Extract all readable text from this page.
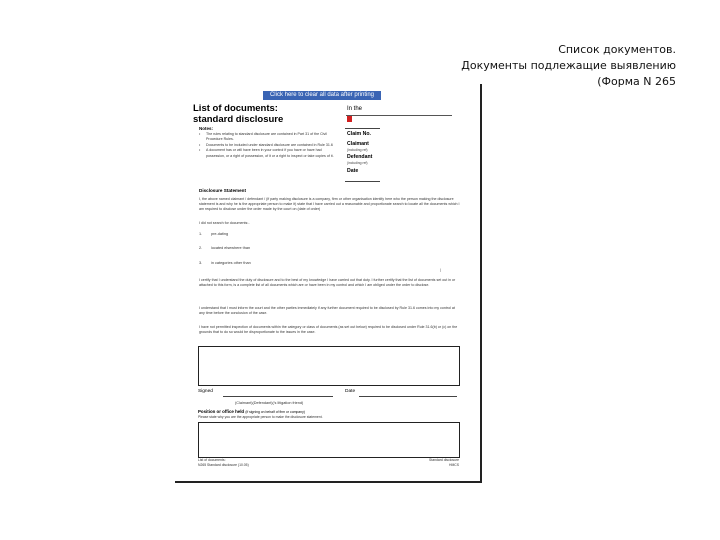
Список документов.
Документы подлежащие выявлению
(Форма N 265
Click here to clear all data after printing
List of documents:
standard disclosure
In the
Notes:
• The rules relating to standard disclosure are contained in Part 31 of the Civil Procedure Rules.
• Documents to be included under standard disclosure are contained in Rule 31.6
• A document has or will have been in your control if you have or have had possession, or a right of possession, of it or a right to inspect or take copies of it.
Claim No.
Claimant
(including ref)
Defendant
(including ref)
Date
Disclosure Statement
I, the above named claimant / defendant / (if party making disclosure is a company, firm or other organisation identify here who the person making the disclosure statement is and why he is the appropriate person to make it) state that I have carried out a reasonable and proportionate search to locate all the documents which I am required to disclose under the order made by the court on (date of order)
I did not search for documents:-
1. pre-dating
2. located elsewhere than
3. in categories other than
|
I certify that I understand the duty of disclosure and to the best of my knowledge I have carried out that duty. I further certify that the list of documents set out in or attached to this form, is a complete list of all documents which are or have been in my control and which I am obliged under the order to disclose.
I understand that I must inform the court and the other parties immediately if any further document required to be disclosed by Rule 31.6 comes into my control at any time before the conclusion of the case.
I have not permitted inspection of documents within the category or class of documents (as set out below) required to be disclosed under Rule 31.6(b) or (c) on the grounds that to do so would be disproportionate to the issues in the case.
Signed	Date
(Claimant)(Defendant)('s litigation friend)
Position or office held (if signing on behalf of firm or company)
Please state why you are the appropriate person to make the disclosure statement.
List of documents:
N265 Standard disclosure (10.05)
Standard disclosure
HMCS
